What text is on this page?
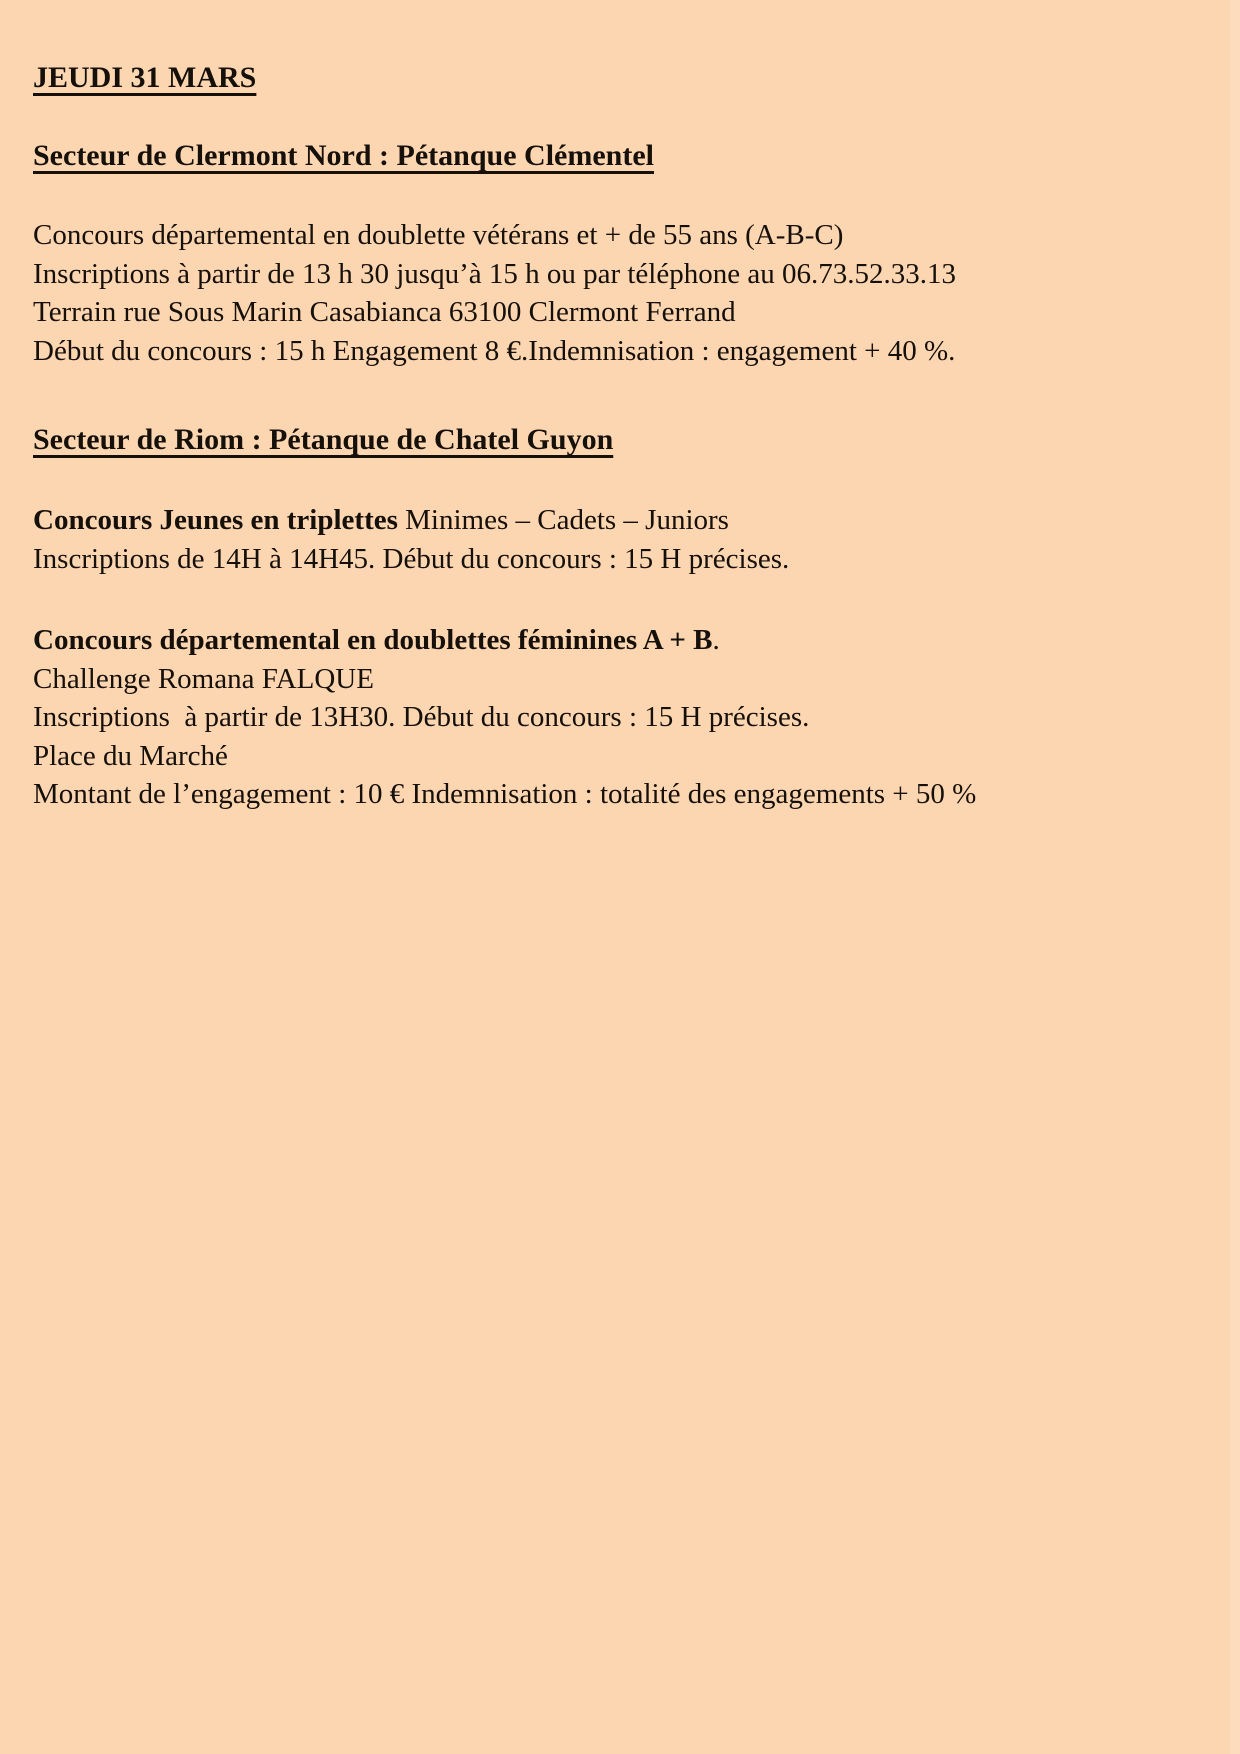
JEUDI 31 MARS

Secteur de Clermont Nord : Pétanque Clémentel

Concours départemental en doublette vétérans et + de 55 ans (A-B-C)

Inscriptions à partir de 13 h 30 jusqu’à 15 h ou par téléphone au 06.73.52.33.13

Terrain rue Sous Marin Casabianca 63100 Clermont Ferrand

Début du concours : 15 h Engagement 8 €.Indemnisation : engagement + 40 %.

Secteur de Riom : Pétanque de Chatel Guyon

Concours Jeunes en triplettes Minimes – Cadets – Juniors

Inscriptions de 14H à 14H45. Début du concours : 15 H précises.

Concours départemental en doublettes féminines A + B.

Challenge Romana FALQUE

Inscriptions  à partir de 13H30. Début du concours : 15 H précises.

Place du Marché

Montant de l’engagement : 10 € Indemnisation : totalité des engagements + 50 %
